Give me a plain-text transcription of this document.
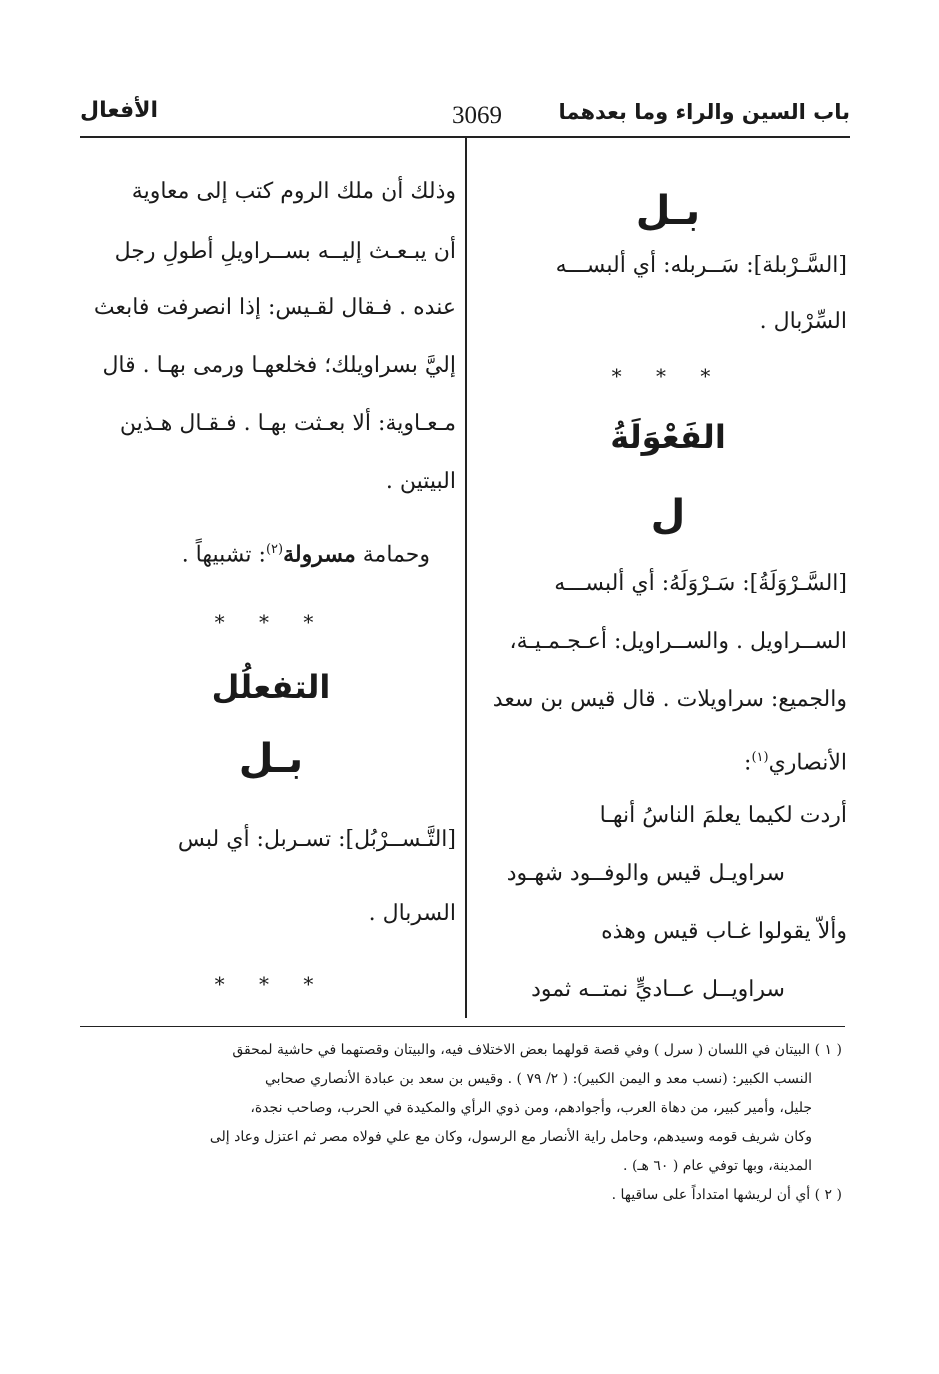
باب السين والراء وما بعدهما
3069
الأفعال
بـل
[السَّـرْبلة]: سَــربله: أي ألبســـه
السِّرْبال .
* * *
الفَعْوَلَةُ
ل
[السَّـرْوَلَةُ]: سَـرْوَلَهُ: أي ألبســـه
الســراويل . والســراويل: أعـجـمـيـة،
والجميع: سراويلات . قال قيس بن سعد
الأنصاري$^{(١)}$:
أردت لكيما يعلمَ الناسُ أنهـا
سراويـل قيس والوفــود شهـود
وألاّ يقولوا غـاب قيس وهذه
سراويــل عــاديٍّ نمتــه ثمود
وذلك أن ملك الروم كتب إلى معاوية
أن يبـعـث إليــه بســراويلِ أطولِ رجل
عنده . فـقال لقـيس: إذا انصرفت فابعث
إليَّ بسراويلك؛ فخلعهـا ورمى بهـا . قال
مـعـاوية: ألا بعـثت بهـا . فـقـال هـذين
البيتين .
وحمامة مسرولة$^{(٢)}$: تشبيهاً .
* * *
التفعلُل
بـل
[التَّـســرْبُل]: تسـربل: أي لبس
السربال .
* * *
( ١ ) البيتان في اللسان ( سرل ) وفي قصة قولهما بعض الاختلاف فيه، والبيتان وقصتهما في حاشية لمحقق
النسب الكبير: (نسب معد و اليمن الكبير): ( ٢/ ٧٩ ) . وقيس بن سعد بن عبادة الأنصاري صحابي
جليل، وأمير كبير، من دهاة العرب، وأجوادهم، ومن ذوي الرأي والمكيدة في الحرب، وصاحب نجدة،
وكان شريف قومه وسيدهم، وحامل راية الأنصار مع الرسول، وكان مع علي فولاه مصر ثم اعتزل وعاد إلى
المدينة، وبها توفي عام ( ٦٠ هـ) .
( ٢ ) أي أن لريشها امتداداً على ساقيها .
